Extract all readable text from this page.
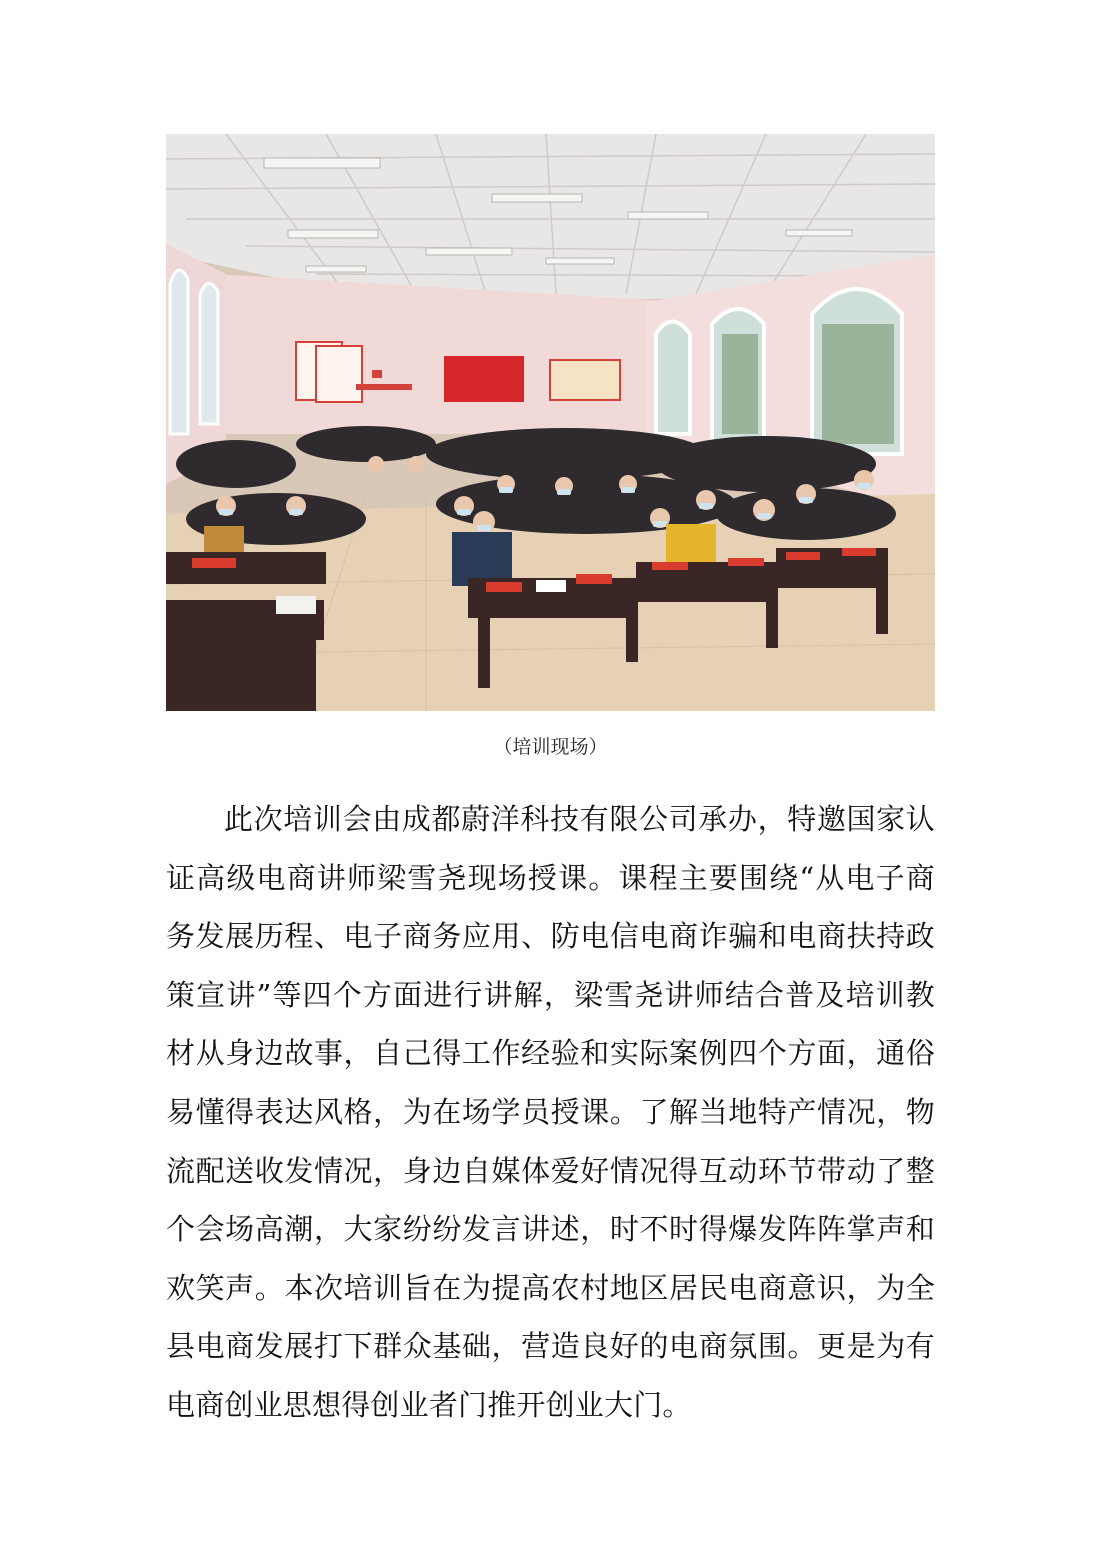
（培训现场）

此次培训会由成都蔚洋科技有限公司承办，特邀国家认证高级电商讲师梁雪尧现场授课。课程主要围绕“从电子商务发展历程、电子商务应用、防电信电商诈骗和电商扶持政策宣讲”等四个方面进行讲解，梁雪尧讲师结合普及培训教材从身边故事，自己得工作经验和实际案例四个方面，通俗易懂得表达风格，为在场学员授课。了解当地特产情况，物流配送收发情况，身边自媒体爱好情况得互动环节带动了整个会场高潮，大家纷纷发言讲述，时不时得爆发阵阵掌声和欢笑声。本次培训旨在为提高农村地区居民电商意识，为全县电商发展打下群众基础，营造良好的电商氛围。更是为有电商创业思想得创业者门推开创业大门。
